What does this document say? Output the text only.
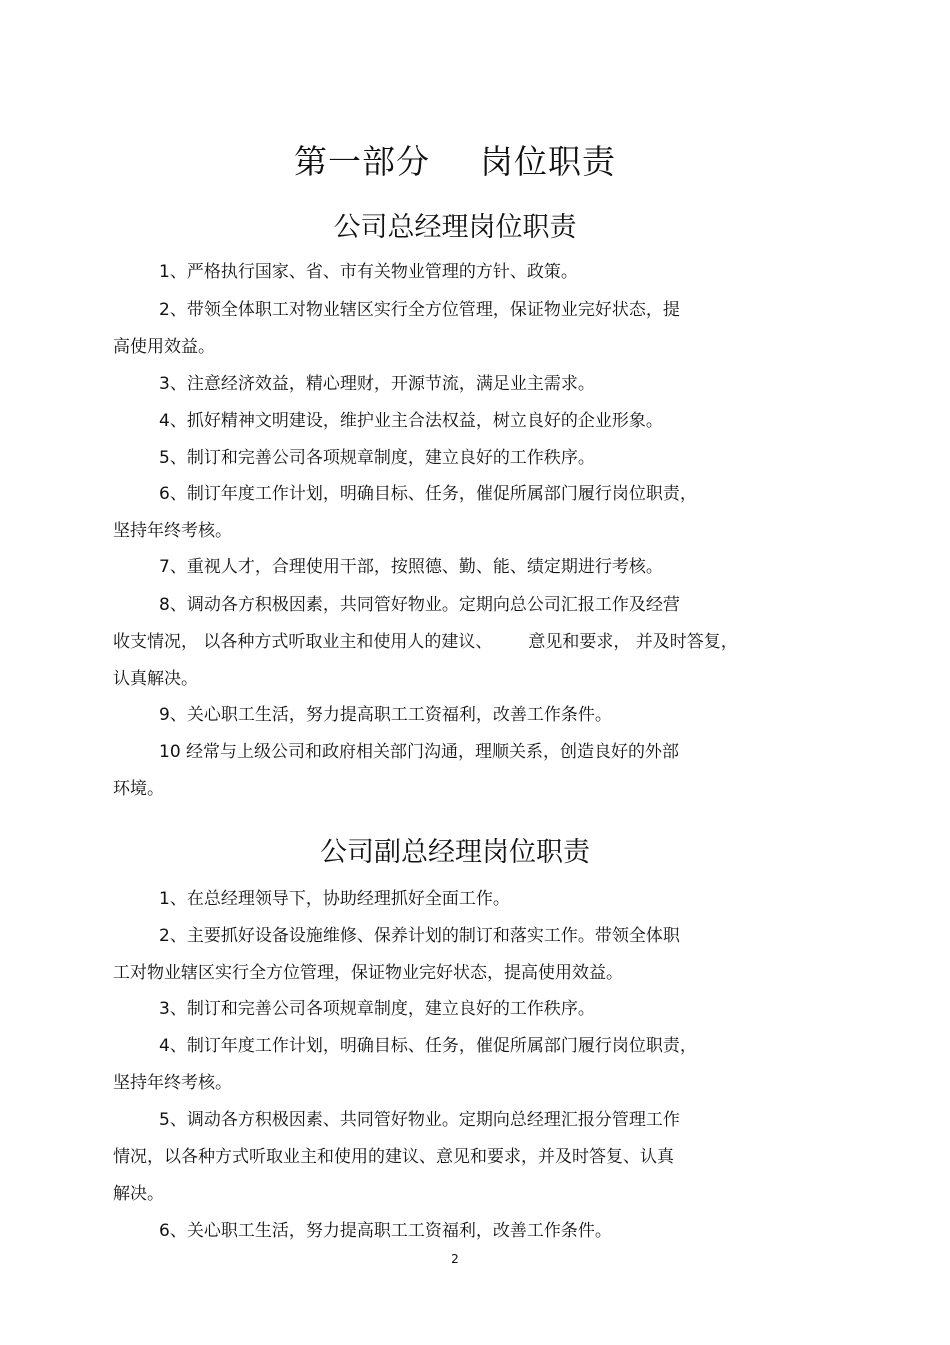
第一部分 岗位职责
公司总经理岗位职责
1、严格执行国家、省、市有关物业管理的方针、政策。
2、带领全体职工对物业辖区实行全方位管理，保证物业完好状态，提
高使用效益。
3、注意经济效益，精心理财，开源节流，满足业主需求。
4、抓好精神文明建设，维护业主合法权益，树立良好的企业形象。
5、制订和完善公司各项规章制度，建立良好的工作秩序。
6、制订年度工作计划，明确目标、任务，催促所属部门履行岗位职责，
坚持年终考核。
7、重视人才，合理使用干部，按照德、勤、能、绩定期进行考核。
8、调动各方积极因素，共同管好物业。定期向总公司汇报工作及经营
收支情况， 以各种方式听取业主和使用人的建议、 意见和要求， 并及时答复，
认真解决。
9、关心职工生活，努力提高职工工资福利，改善工作条件。
10 经常与上级公司和政府相关部门沟通，理顺关系，创造良好的外部
环境。
公司副总经理岗位职责
1、在总经理领导下，协助经理抓好全面工作。
2、主要抓好设备设施维修、保养计划的制订和落实工作。带领全体职
工对物业辖区实行全方位管理，保证物业完好状态，提高使用效益。
3、制订和完善公司各项规章制度，建立良好的工作秩序。
4、制订年度工作计划，明确目标、任务，催促所属部门履行岗位职责，
坚持年终考核。
5、调动各方积极因素、共同管好物业。定期向总经理汇报分管理工作
情况，以各种方式听取业主和使用的建议、意见和要求，并及时答复、认真
解决。
6、关心职工生活，努力提高职工工资福利，改善工作条件。
2
